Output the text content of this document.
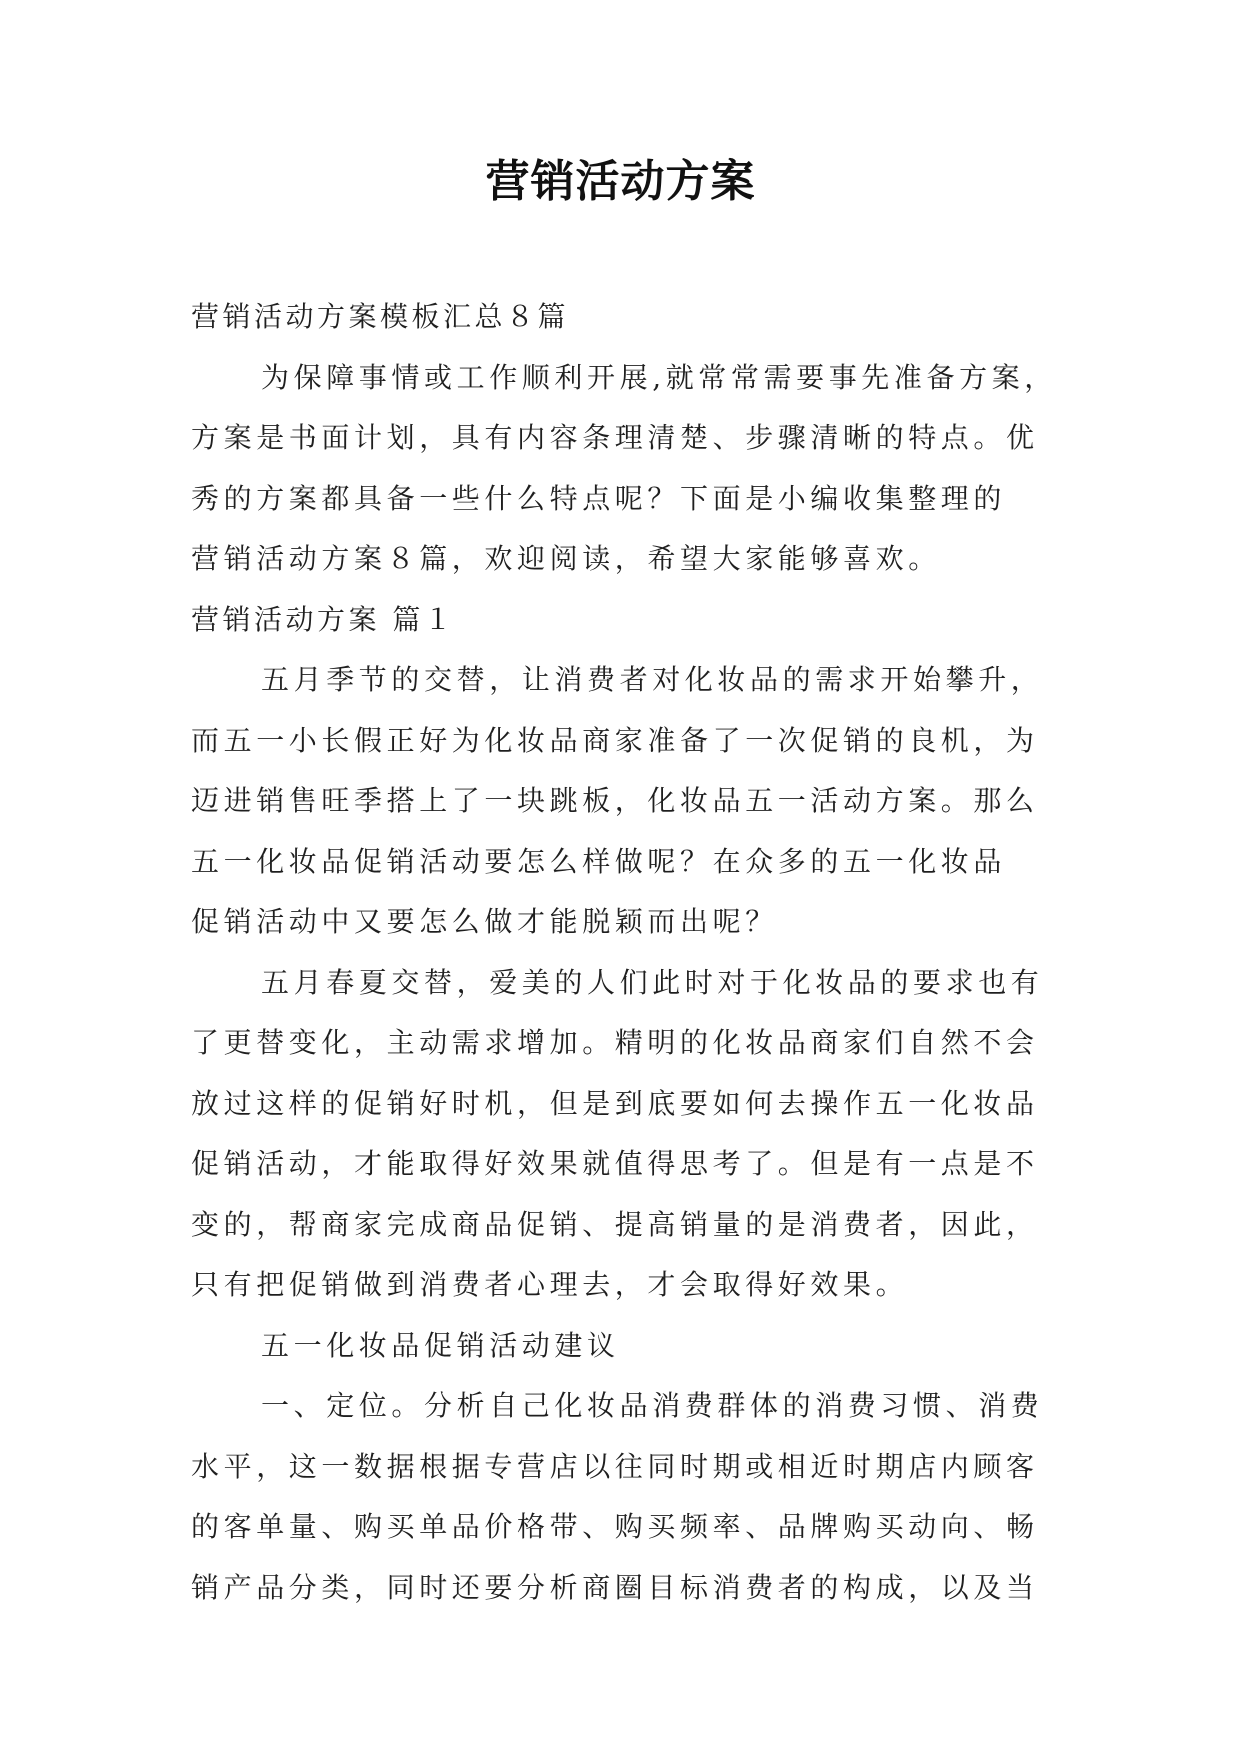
营销活动方案
营销活动方案模板汇总８篇
为保障事情或工作顺利开展,就常常需要事先准备方案，
方案是书面计划，具有内容条理清楚、步骤清晰的特点。优
秀的方案都具备一些什么特点呢？下面是小编收集整理的
营销活动方案８篇，欢迎阅读，希望大家能够喜欢。
营销活动方案 篇１
五月季节的交替，让消费者对化妆品的需求开始攀升，
而五一小长假正好为化妆品商家准备了一次促销的良机，为
迈进销售旺季搭上了一块跳板，化妆品五一活动方案。那么
五一化妆品促销活动要怎么样做呢？在众多的五一化妆品
促销活动中又要怎么做才能脱颖而出呢？
五月春夏交替，爱美的人们此时对于化妆品的要求也有
了更替变化，主动需求增加。精明的化妆品商家们自然不会
放过这样的促销好时机，但是到底要如何去操作五一化妆品
促销活动，才能取得好效果就值得思考了。但是有一点是不
变的，帮商家完成商品促销、提高销量的是消费者，因此，
只有把促销做到消费者心理去，才会取得好效果。
五一化妆品促销活动建议
一、定位。分析自己化妆品消费群体的消费习惯、消费
水平，这一数据根据专营店以往同时期或相近时期店内顾客
的客单量、购买单品价格带、购买频率、品牌购买动向、畅
销产品分类，同时还要分析商圈目标消费者的构成，以及当
